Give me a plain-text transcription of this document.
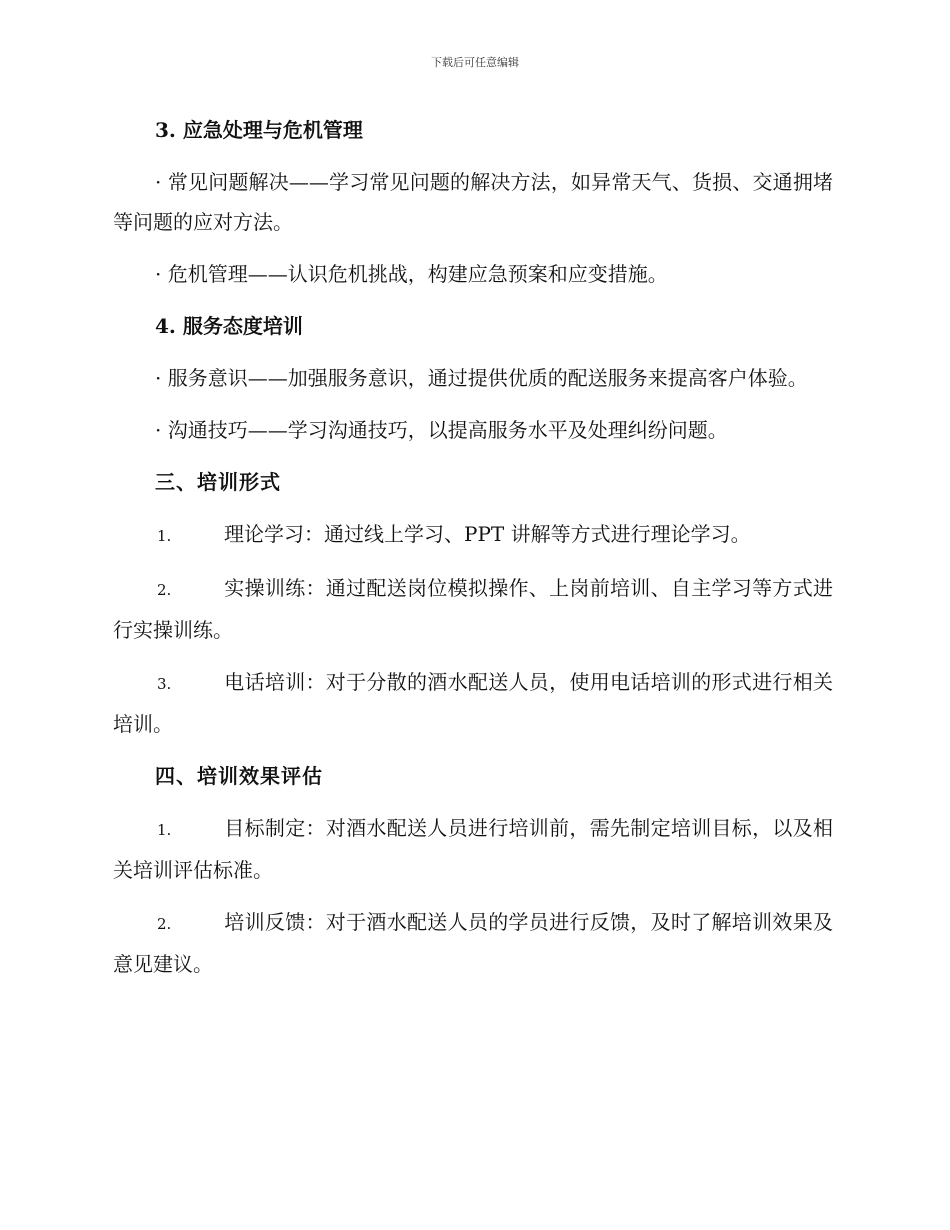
下载后可任意编辑
3. 应急处理与危机管理
· 常见问题解决——学习常见问题的解决方法，如异常天气、货损、交通拥堵等问题的应对方法。
· 危机管理——认识危机挑战，构建应急预案和应变措施。
4. 服务态度培训
· 服务意识——加强服务意识，通过提供优质的配送服务来提高客户体验。
· 沟通技巧——学习沟通技巧，以提高服务水平及处理纠纷问题。
三、培训形式
1.	理论学习：通过线上学习、PPT 讲解等方式进行理论学习。
2.	实操训练：通过配送岗位模拟操作、上岗前培训、自主学习等方式进行实操训练。
3.	电话培训：对于分散的酒水配送人员，使用电话培训的形式进行相关培训。
四、培训效果评估
1.	目标制定：对酒水配送人员进行培训前，需先制定培训目标，以及相关培训评估标准。
2.	培训反馈：对于酒水配送人员的学员进行反馈，及时了解培训效果及意见建议。
